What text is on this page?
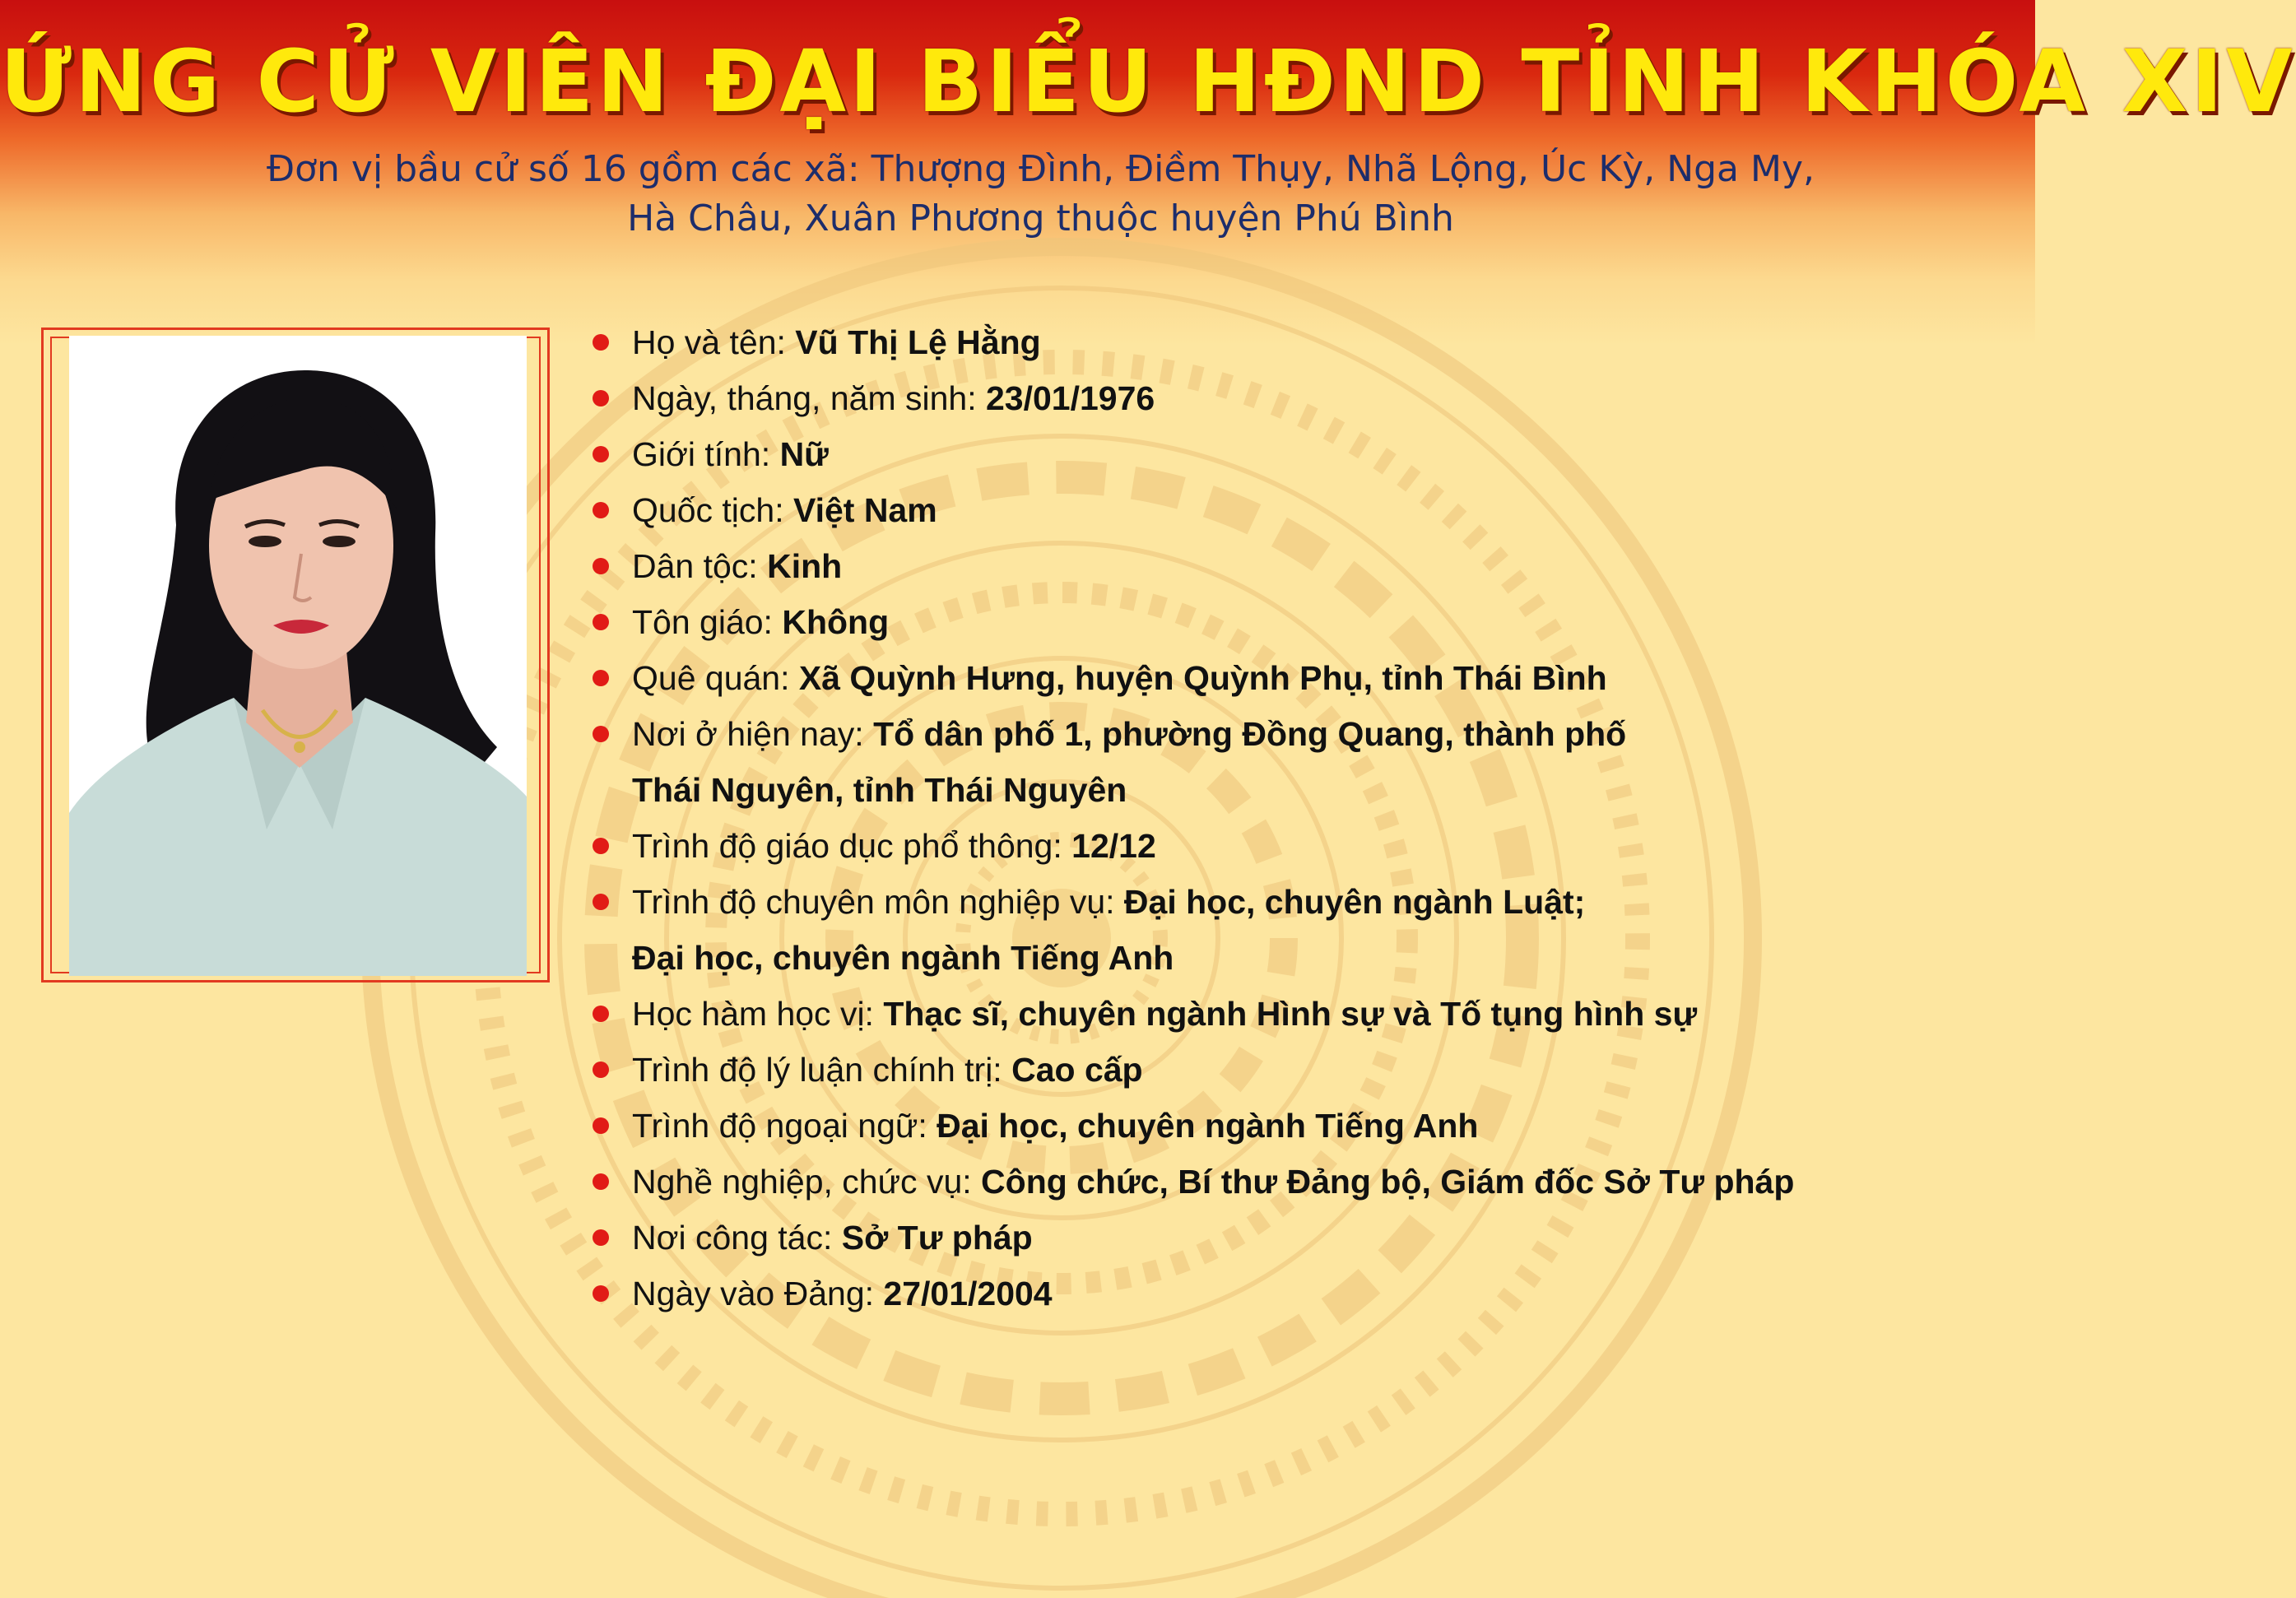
ỨNG CỬ VIÊN ĐẠI BIỂU HĐND TỈNH KHÓA XIV
Đơn vị bầu cử số 16 gồm các xã: Thượng Đình, Điềm Thụy, Nhã Lộng, Úc Kỳ, Nga My,
Hà Châu, Xuân Phương thuộc huyện Phú Bình
Họ và tên: Vũ Thị Lệ Hằng
Ngày, tháng, năm sinh: 23/01/1976
Giới tính: Nữ
Quốc tịch: Việt Nam
Dân tộc: Kinh
Tôn giáo: Không
Quê quán: Xã Quỳnh Hưng, huyện Quỳnh Phụ, tỉnh Thái Bình
Nơi ở hiện nay: Tổ dân phố 1, phường Đồng Quang, thành phố
Thái Nguyên, tỉnh Thái Nguyên
Trình độ giáo dục phổ thông: 12/12
Trình độ chuyên môn nghiệp vụ: Đại học, chuyên ngành Luật;
Đại học, chuyên ngành Tiếng Anh
Học hàm học vị: Thạc sĩ, chuyên ngành Hình sự và Tố tụng hình sự
Trình độ lý luận chính trị: Cao cấp
Trình độ ngoại ngữ: Đại học, chuyên ngành Tiếng Anh
Nghề nghiệp, chức vụ: Công chức, Bí thư Đảng bộ, Giám đốc Sở Tư pháp
Nơi công tác: Sở Tư pháp
Ngày vào Đảng: 27/01/2004
